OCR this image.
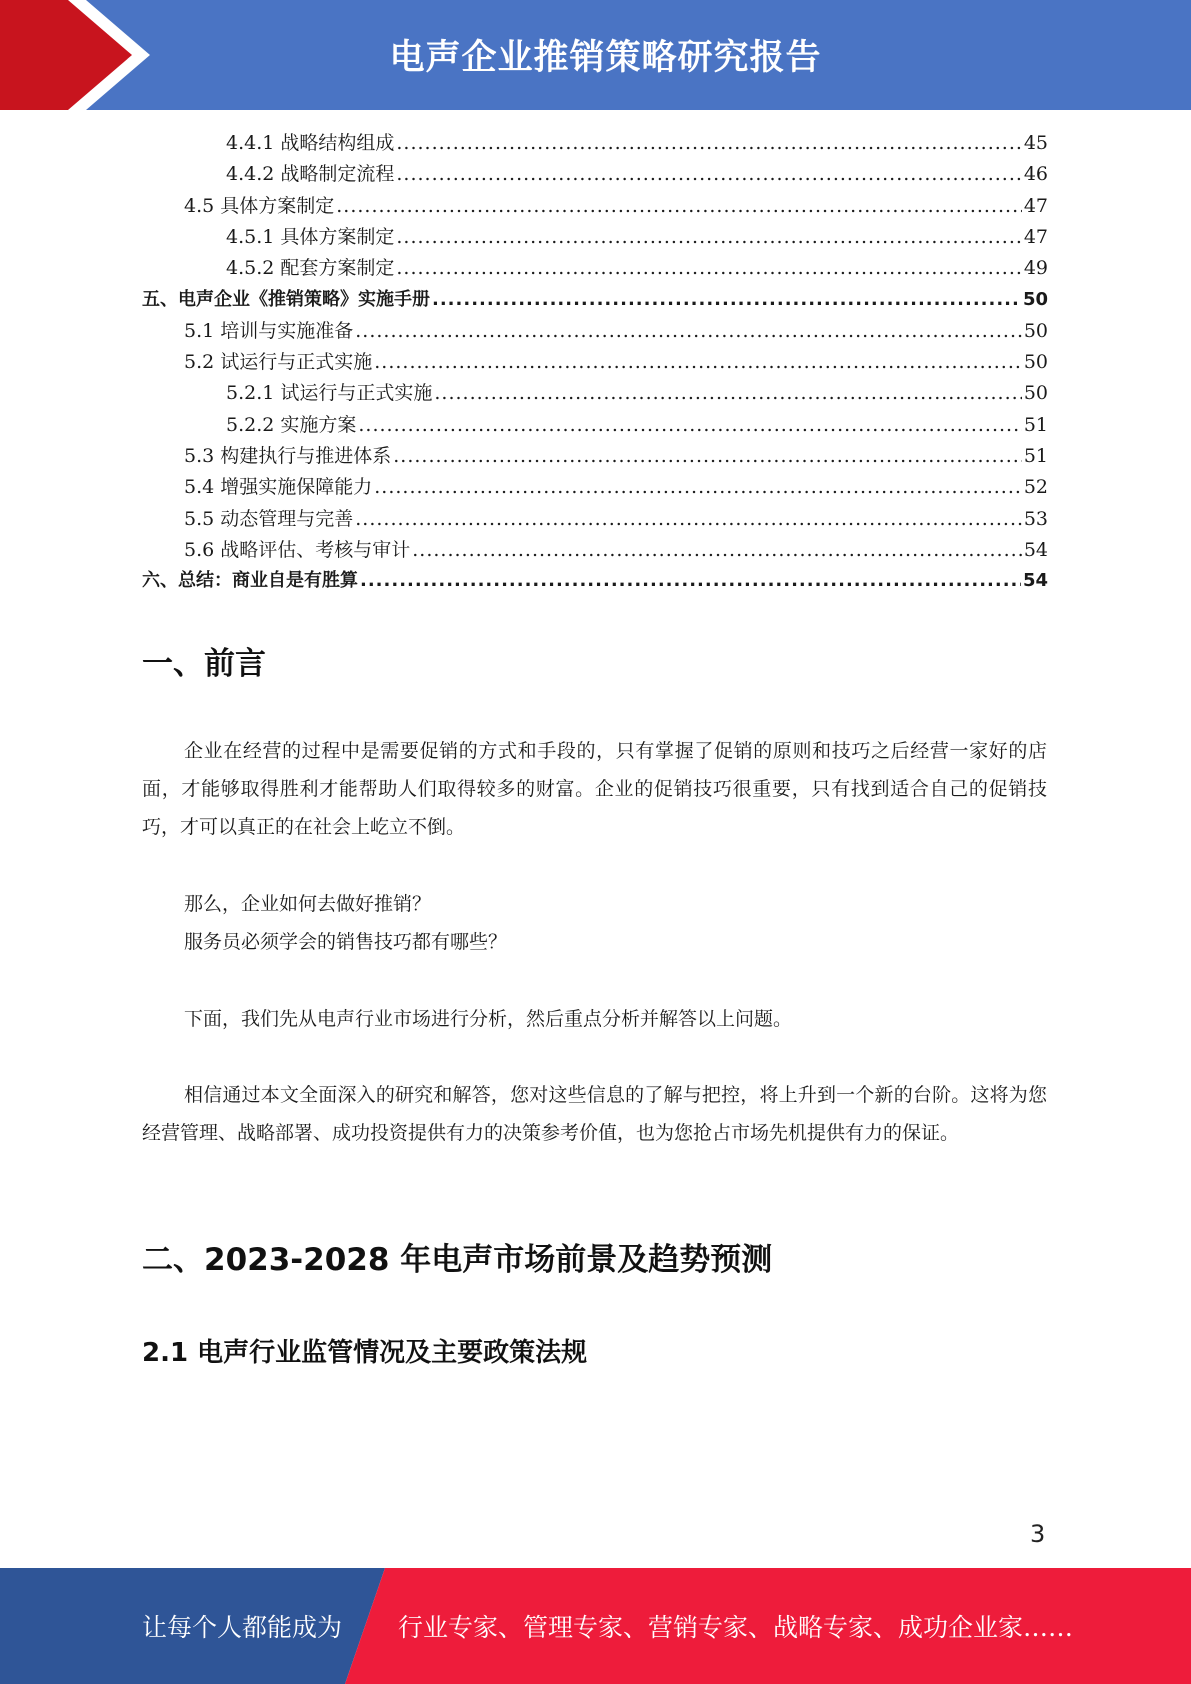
电声企业推销策略研究报告
4.4.1 战略结构组成 .....	45
4.4.2 战略制定流程 .....	46
4.5 具体方案制定 .....	47
4.5.1 具体方案制定 .....	47
4.5.2 配套方案制定 .....	49
五、电声企业《推销策略》实施手册 .....	50
5.1 培训与实施准备 .....	50
5.2 试运行与正式实施 .....	50
5.2.1 试运行与正式实施 .....	50
5.2.2 实施方案 .....	51
5.3 构建执行与推进体系 .....	51
5.4 增强实施保障能力 .....	52
5.5 动态管理与完善 .....	53
5.6 战略评估、考核与审计 .....	54
六、总结：商业自是有胜算 .....	54
一、前言

企业在经营的过程中是需要促销的方式和手段的，只有掌握了促销的原则和技巧之后经营一家好的店面，才能够取得胜利才能帮助人们取得较多的财富。企业的促销技巧很重要，只有找到适合自己的促销技巧，才可以真正的在社会上屹立不倒。

那么，企业如何去做好推销？

服务员必须学会的销售技巧都有哪些？

下面，我们先从电声行业市场进行分析，然后重点分析并解答以上问题。

相信通过本文全面深入的研究和解答，您对这些信息的了解与把控，将上升到一个新的台阶。这将为您经营管理、战略部署、成功投资提供有力的决策参考价值，也为您抢占市场先机提供有力的保证。

二、2023-2028 年电声市场前景及趋势预测
2.1 电声行业监管情况及主要政策法规
3
让每个人都能成为 行业专家、管理专家、营销专家、战略专家、成功企业家……
